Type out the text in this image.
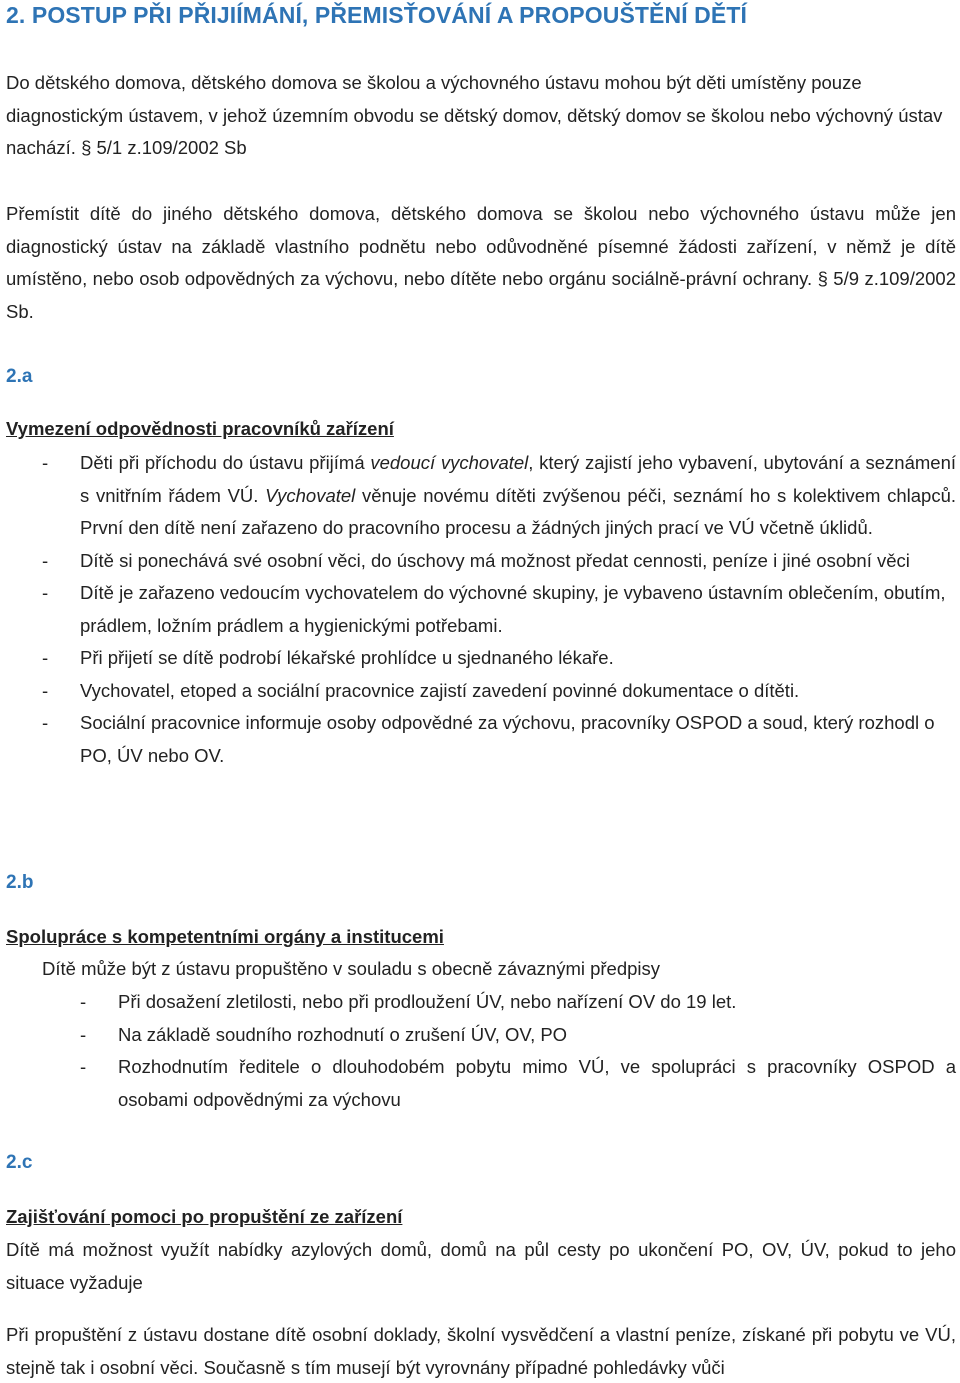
2. POSTUP PŘI PŘIJIÍMÁNÍ, PŘEMISŤOVÁNÍ A PROPOUŠTĚNÍ DĚTÍ

Do dětského domova, dětského domova se školou a výchovného ústavu mohou být děti umístěny pouze diagnostickým ústavem, v jehož územním obvodu se dětský domov, dětský domov se školou nebo výchovný ústav nachází. § 5/1 z.109/2002 Sb

Přemístit dítě do jiného dětského domova, dětského domova se školou nebo výchovného ústavu může jen diagnostický ústav na základě vlastního podnětu nebo odůvodněné písemné žádosti zařízení, v němž je dítě umístěno, nebo osob odpovědných za výchovu, nebo dítěte nebo orgánu sociálně-právní ochrany. § 5/9 z.109/2002 Sb.

2.a
Vymezení odpovědnosti pracovníků zařízení
- Děti při příchodu do ústavu přijímá vedoucí vychovatel, který zajistí jeho vybavení, ubytování a seznámení s vnitřním řádem VÚ. Vychovatel věnuje novému dítěti zvýšenou péči, seznámí ho s kolektivem chlapců. První den dítě není zařazeno do pracovního procesu a žádných jiných prací ve VÚ včetně úklidů.
- Dítě si ponechává své osobní věci, do úschovy má možnost předat cennosti, peníze i jiné osobní věci
- Dítě je zařazeno vedoucím vychovatelem do výchovné skupiny, je vybaveno ústavním oblečením, obutím, prádlem, ložním prádlem a hygienickými potřebami.
- Při přijetí se dítě podrobí lékařské prohlídce u sjednaného lékaře.
- Vychovatel, etoped a sociální pracovnice zajistí zavedení povinné dokumentace o dítěti.
- Sociální pracovnice informuje osoby odpovědné za výchovu, pracovníky OSPOD a soud, který rozhodl o PO, ÚV nebo OV.
2.b
Spolupráce s kompetentními orgány a institucemi
Dítě může být z ústavu propuštěno v souladu s obecně závaznými předpisy
- Při dosažení zletilosti, nebo při prodloužení ÚV, nebo nařízení OV do 19 let.
- Na základě soudního rozhodnutí o zrušení ÚV, OV, PO
- Rozhodnutím ředitele o dlouhodobém pobytu mimo VÚ, ve spolupráci s pracovníky OSPOD a osobami odpovědnými za výchovu
2.c
Zajišťování pomoci po propuštění ze zařízení

Dítě má možnost využít nabídky azylových domů, domů na půl cesty po ukončení PO, OV, ÚV, pokud to jeho situace vyžaduje

Při propuštění z ústavu dostane dítě osobní doklady, školní vysvědčení a vlastní peníze, získané při pobytu ve VÚ, stejně tak i osobní věci. Současně s tím musejí být vyrovnány případné pohledávky vůči
